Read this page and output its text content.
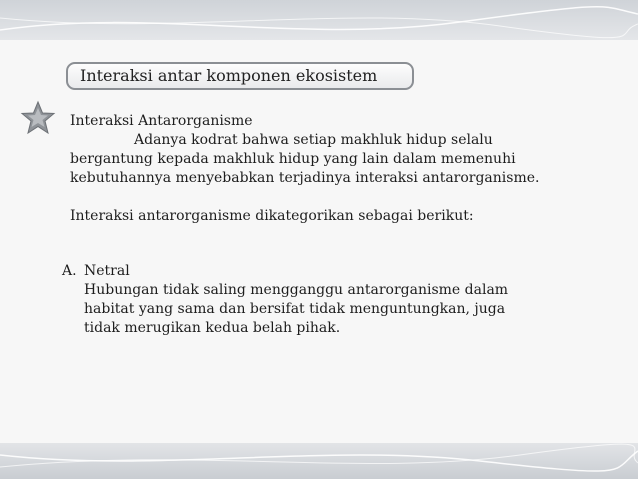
Interaksi antar komponen ekosistem

Interaksi Antarorganisme

Adanya kodrat bahwa setiap makhluk hidup selalu

bergantung kepada makhluk hidup yang lain dalam memenuhi

kebutuhannya menyebabkan terjadinya interaksi antarorganisme.

Interaksi antarorganisme dikategorikan sebagai berikut:

A. Netral

Hubungan tidak saling mengganggu antarorganisme dalam

habitat yang sama dan bersifat tidak menguntungkan, juga

tidak merugikan kedua belah pihak.
